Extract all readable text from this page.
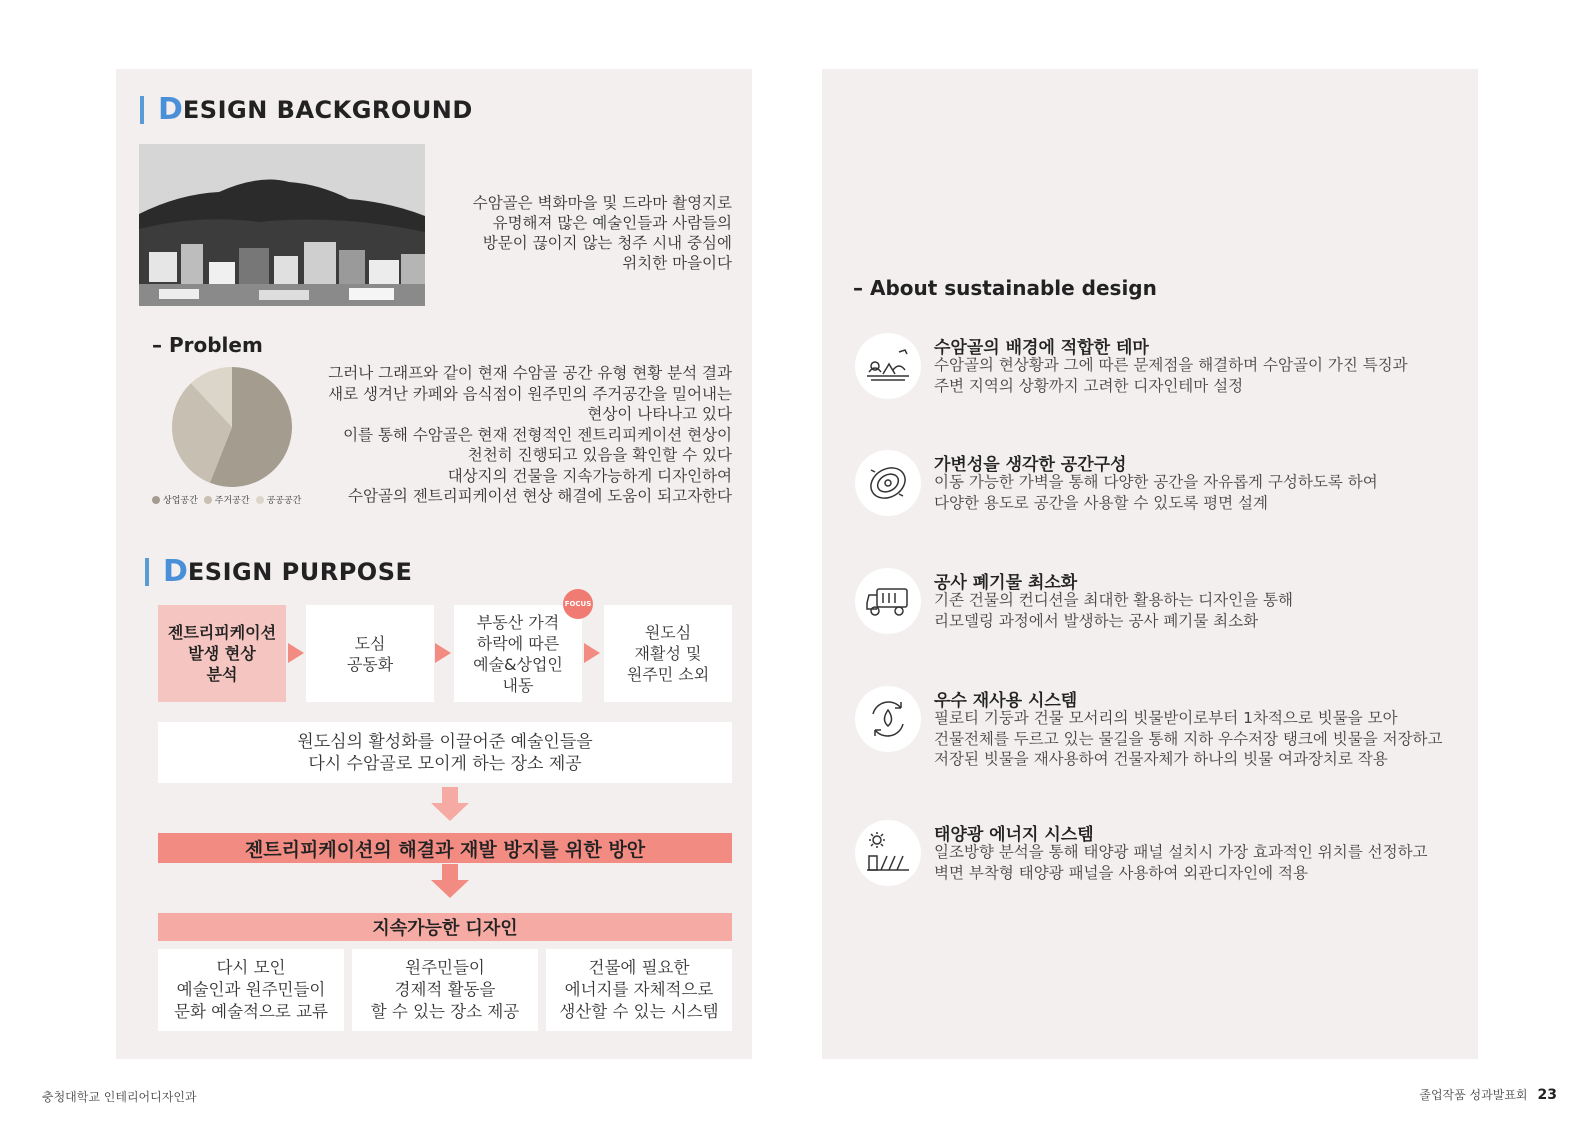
D ESIGN BACKGROUND
수암골은 벽화마을 및 드라마 촬영지로
유명해져 많은 예술인들과 사람들의
방문이 끊이지 않는 청주 시내 중심에
위치한 마을이다
– Problem
상업공간 주거공간 공공공간
그러나 그래프와 같이 현재 수암골 공간 유형 현황 분석 결과
새로 생겨난 카페와 음식점이 원주민의 주거공간을 밀어내는
현상이 나타나고 있다
이를 통해 수암골은 현재 전형적인 젠트리피케이션 현상이
천천히 진행되고 있음을 확인할 수 있다
대상지의 건물을 지속가능하게 디자인하여
수암골의 젠트리피케이션 현상 해결에 도움이 되고자한다
D ESIGN PURPOSE
젠트리피케이션
발생 현상
분석
도심
공동화
부동산 가격
하락에 따른
예술&상업인
내동
FOCUS
원도심
재활성 및
원주민 소외
원도심의 활성화를 이끌어준 예술인들을
다시 수암골로 모이게 하는 장소 제공
젠트리피케이션의 해결과 재발 방지를 위한 방안
지속가능한 디자인
다시 모인
예술인과 원주민들이
문화 예술적으로 교류
원주민들이
경제적 활동을
할 수 있는 장소 제공
건물에 필요한
에너지를 자체적으로
생산할 수 있는 시스템
– About sustainable design
수암골의 배경에 적합한 테마
수암골의 현상황과 그에 따른 문제점을 해결하며 수암골이 가진 특징과
주변 지역의 상황까지 고려한 디자인테마 설정
가변성을 생각한 공간구성
이동 가능한 가벽을 통해 다양한 공간을 자유롭게 구성하도록 하여
다양한 용도로 공간을 사용할 수 있도록 평면 설계
공사 폐기물 최소화
기존 건물의 컨디션을 최대한 활용하는 디자인을 통해
리모델링 과정에서 발생하는 공사 폐기물 최소화
우수 재사용 시스템
필로티 기둥과 건물 모서리의 빗물받이로부터 1차적으로 빗물을 모아
건물전체를 두르고 있는 물길을 통해 지하 우수저장 탱크에 빗물을 저장하고
저장된 빗물을 재사용하여 건물자체가 하나의 빗물 여과장치로 작용
태양광 에너지 시스템
일조방향 분석을 통해 태양광 패널 설치시 가장 효과적인 위치를 선정하고
벽면 부착형 태양광 패널을 사용하여 외관디자인에 적용
충청대학교 인테리어디자인과	졸업작품 성과발표회 23
